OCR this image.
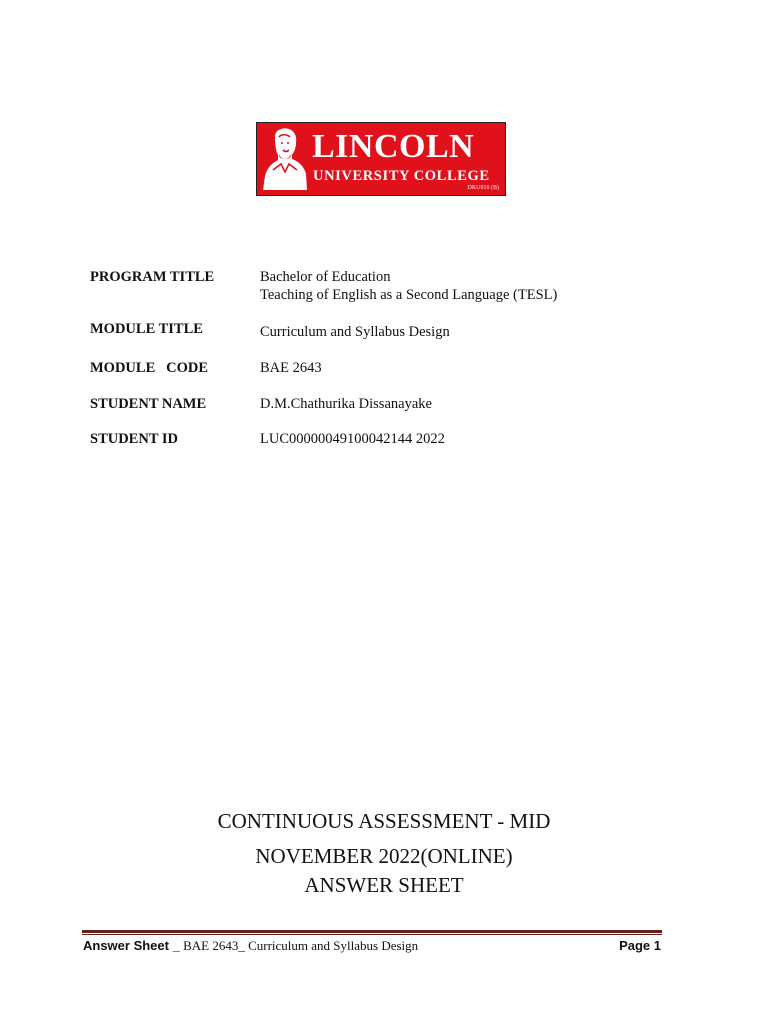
LINCOLN
UNIVERSITY COLLEGE
DKU016 (B)
PROGRAM TITLE	Bachelor of Education
Teaching of English as a Second Language (TESL)
MODULE TITLE	Curriculum and Syllabus Design
MODULE   CODE	BAE 2643
STUDENT NAME	D.M.Chathurika Dissanayake
STUDENT ID	LUC00000049100042144 2022
CONTINUOUS ASSESSMENT - MID
NOVEMBER 2022(ONLINE)
ANSWER SHEET
Answer Sheet _ BAE 2643_ Curriculum and Syllabus Design	Page 1
